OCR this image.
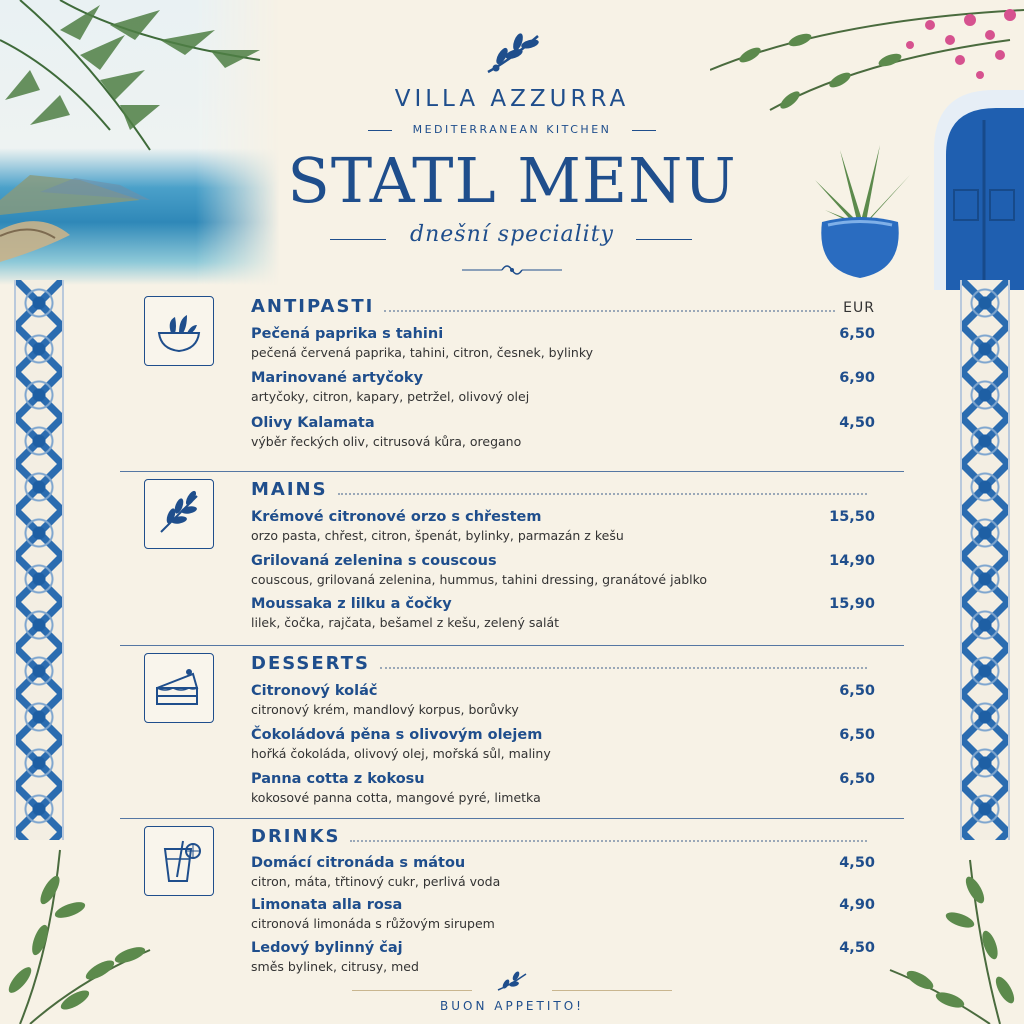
VILLA AZZURRA
MEDITERRANEAN KITCHEN
STATL MENU
dnešní speciality
ANTIPASTI	EUR
Pečená paprika s tahini
pečená červená paprika, tahini, citron, česnek, bylinky
6,50
Marinované artyčoky
artyčoky, citron, kapary, petržel, olivový olej
6,90
Olivy Kalamata
výběr řeckých oliv, citrusová kůra, oregano
4,50
MAINS
Krémové citronové orzo s chřestem
orzo pasta, chřest, citron, špenát, bylinky, parmazán z kešu
15,50
Grilovaná zelenina s couscous
couscous, grilovaná zelenina, hummus, tahini dressing, granátové jablko
14,90
Moussaka z lilku a čočky
lilek, čočka, rajčata, bešamel z kešu, zelený salát
15,90
DESSERTS
Citronový koláč
citronový krém, mandlový korpus, borůvky
6,50
Čokoládová pěna s olivovým olejem
hořká čokoláda, olivový olej, mořská sůl, maliny
6,50
Panna cotta z kokosu
kokosové panna cotta, mangové pyré, limetka
6,50
DRINKS
Domácí citronáda s mátou
citron, máta, třtinový cukr, perlivá voda
4,50
Limonata alla rosa
citronová limonáda s růžovým sirupem
4,90
Ledový bylinný čaj
směs bylinek, citrusy, med
4,50
BUON APPETITO!
